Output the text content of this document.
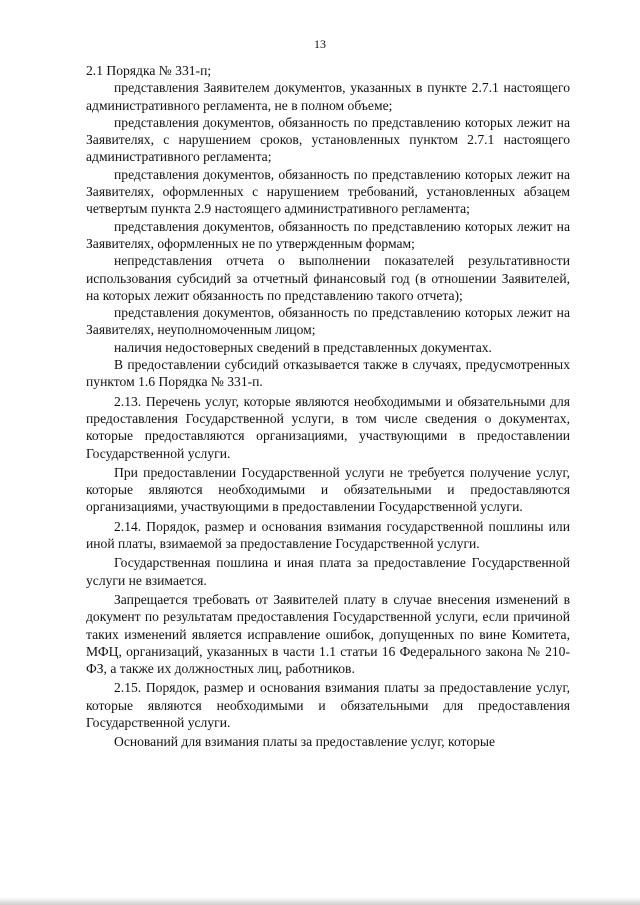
13

2.1 Порядка № 331-п;

представления Заявителем документов, указанных в пункте 2.7.1 настоящего административного регламента, не в полном объеме;

представления документов, обязанность по представлению которых лежит на Заявителях, с нарушением сроков, установленных пунктом 2.7.1 настоящего административного регламента;

представления документов, обязанность по представлению которых лежит на Заявителях, оформленных с нарушением требований, установленных абзацем четвертым пункта 2.9 настоящего административного регламента;

представления документов, обязанность по представлению которых лежит на Заявителях, оформленных не по утвержденным формам;

непредставления отчета о выполнении показателей результативности использования субсидий за отчетный финансовый год (в отношении Заявителей, на которых лежит обязанность по представлению такого отчета);

представления документов, обязанность по представлению которых лежит на Заявителях, неуполномоченным лицом;

наличия недостоверных сведений в представленных документах.

В предоставлении субсидий отказывается также в случаях, предусмотренных пунктом 1.6 Порядка № 331-п.

2.13. Перечень услуг, которые являются необходимыми и обязательными для предоставления Государственной услуги, в том числе сведения о документах, которые предоставляются организациями, участвующими в предоставлении Государственной услуги.

При предоставлении Государственной услуги не требуется получение услуг, которые являются необходимыми и обязательными и предоставляются организациями, участвующими в предоставлении Государственной услуги.

2.14. Порядок, размер и основания взимания государственной пошлины или иной платы, взимаемой за предоставление Государственной услуги.

Государственная пошлина и иная плата за предоставление Государственной услуги не взимается.

Запрещается требовать от Заявителей плату в случае внесения изменений в документ по результатам предоставления Государственной услуги, если причиной таких изменений является исправление ошибок, допущенных по вине Комитета, МФЦ, организаций, указанных в части 1.1 статьи 16 Федерального закона № 210-ФЗ, а также их должностных лиц, работников.

2.15. Порядок, размер и основания взимания платы за предоставление услуг, которые являются необходимыми и обязательными для предоставления Государственной услуги.

Оснований для взимания платы за предоставление услуг, которые
